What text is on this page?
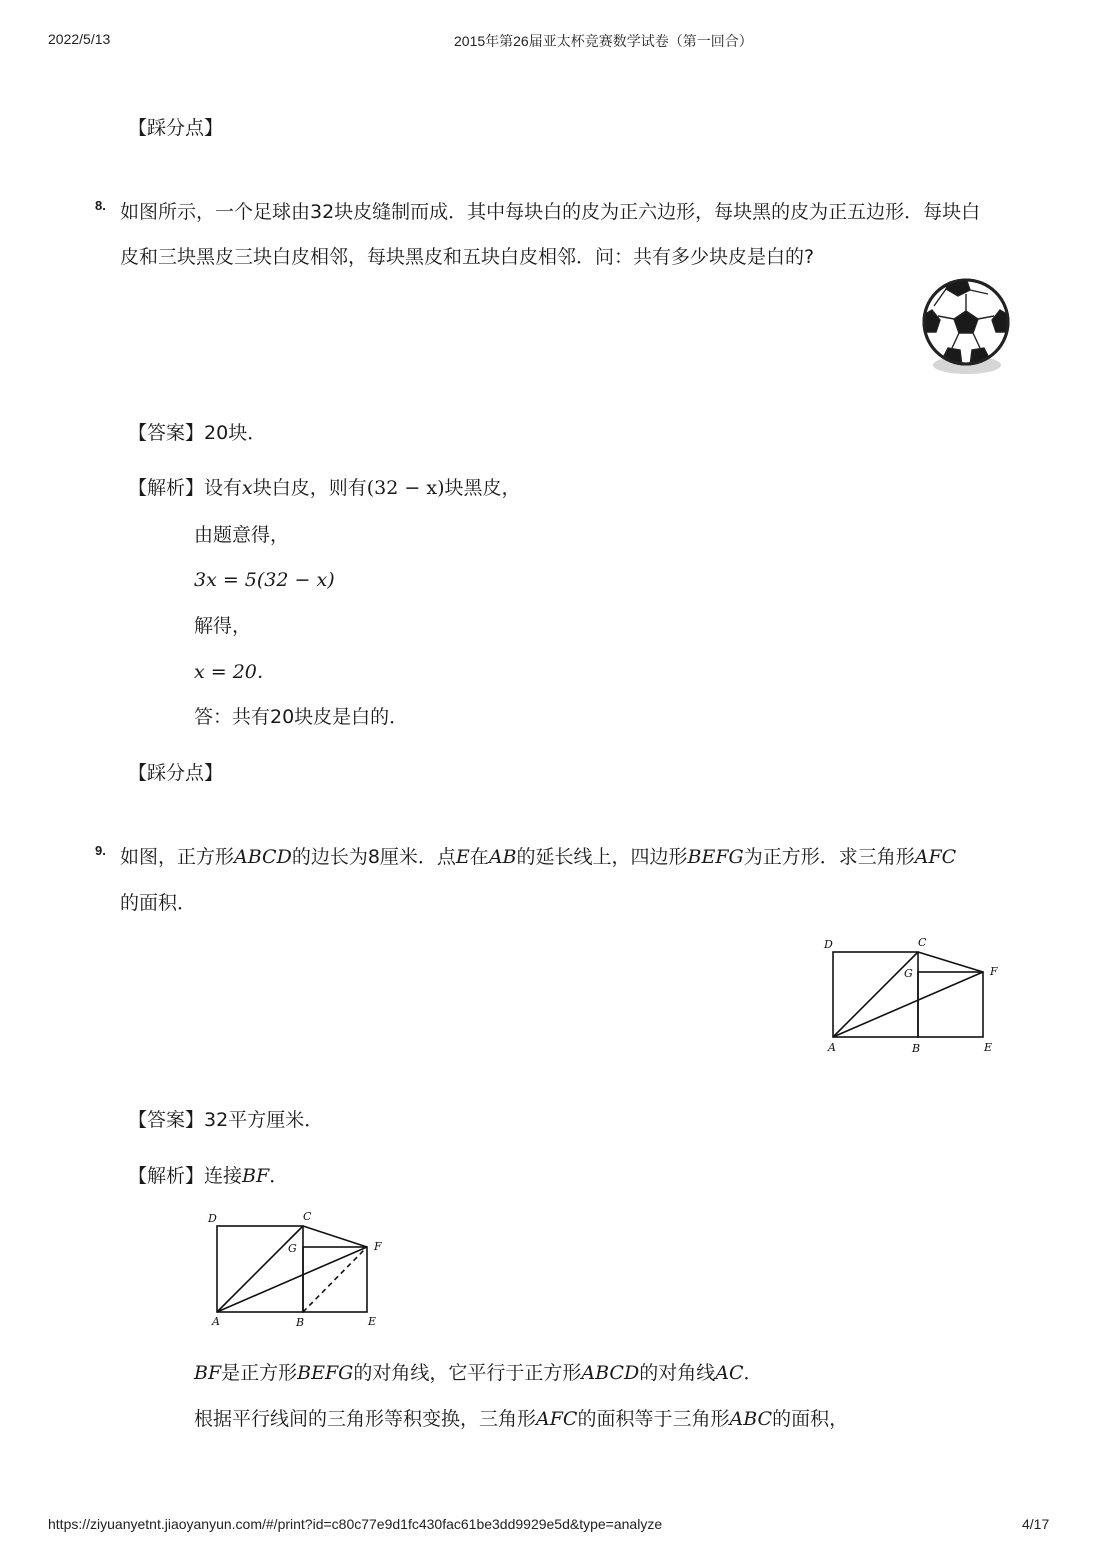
2022/5/13	2015年第26届亚太杯竞赛数学试卷（第一回合）
【踩分点】
8. 如图所示，一个足球由32块皮缝制而成．其中每块白的皮为正六边形，每块黑的皮为正五边形．每块白
皮和三块黑皮三块白皮相邻，每块黑皮和五块白皮相邻．问：共有多少块皮是白的?
【答案】20块．
【解析】设有x块白皮，则有(32 − x)块黑皮，
由题意得，
3x = 5(32 − x)
解得，
x = 20．
答：共有20块皮是白的．
【踩分点】
9. 如图，正方形ABCD的边长为8厘米．点E在AB的延长线上，四边形BEFG为正方形．求三角形AFC
的面积．
D	C
G	F
A	B	E
【答案】32平方厘米．
【解析】连接BF．
D	C
G	F
A	B	E
BF是正方形BEFG的对角线，它平行于正方形ABCD的对角线AC．
根据平行线间的三角形等积变换，三角形AFC的面积等于三角形ABC的面积，
https://ziyuanyetnt.jiaoyanyun.com/#/print?id=c80c77e9d1fc430fac61be3dd9929e5d&type=analyze	4/17
